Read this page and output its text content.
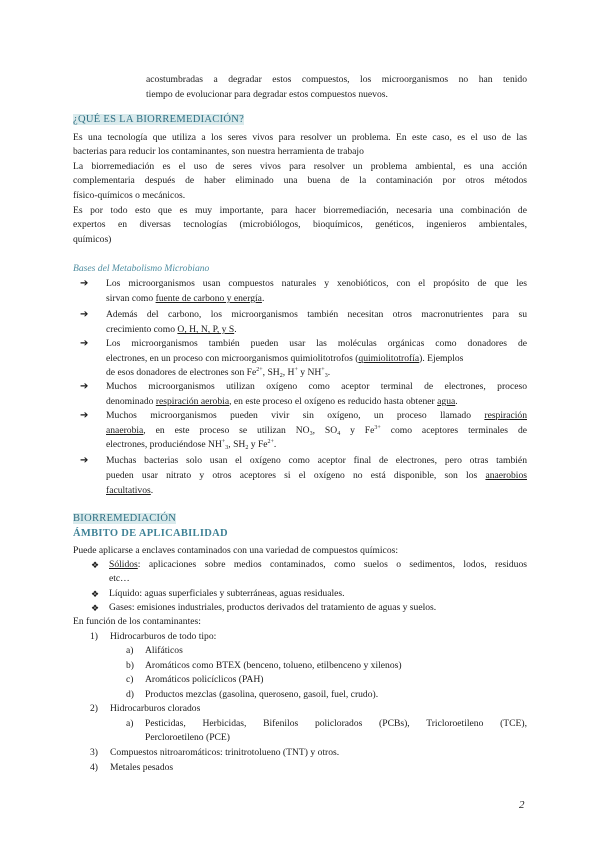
acostumbradas a degradar estos compuestos, los microorganismos no han tenido
tiempo de evolucionar para degradar estos compuestos nuevos.
¿QUÉ ES LA BIORREMEDIACIÓN?
Es una tecnología que utiliza a los seres vivos para resolver un problema. En este caso, es el uso de las
bacterias para reducir los contaminantes, son nuestra herramienta de trabajo
La biorremediación es el uso de seres vivos para resolver un problema ambiental, es una acción
complementaria después de haber eliminado una buena de la contaminación por otros métodos
físico-químicos o mecánicos.
Es por todo esto que es muy importante, para hacer biorremediación, necesaria una combinación de
expertos en diversas tecnologías (microbiólogos, bioquímicos, genéticos, ingenieros ambientales,
químicos)
Bases del Metabolismo Microbiano
➔ Los microorganismos usan compuestos naturales y xenobióticos, con el propósito de que les
sirvan como fuente de carbono y energía.
➔ Además del carbono, los microorganismos también necesitan otros macronutrientes para su
crecimiento como O, H, N, P, y S.
➔ Los microorganismos también pueden usar las moléculas orgánicas como donadores de
electrones, en un proceso con microorganismos quimiolitotrofos (quimiolitotrofía). Ejemplos
de esos donadores de electrones son $Fe^{2+}$, $SH_2$, H+ y $NH^+_3$.
➔ Muchos microorganismos utilizan oxígeno como aceptor terminal de electrones, proceso
denominado respiración aerobia, en este proceso el oxígeno es reducido hasta obtener agua.
➔ Muchos microorganismos pueden vivir sin oxígeno, un proceso llamado respiración
anaerobia, en este proceso se utilizan $NO_3$, $SO_4$ y $Fe^{3+}$ como aceptores terminales de
electrones, produciéndose $NH^+_3$, $SH_2$ y $Fe^{2+}$.
➔ Muchas bacterias solo usan el oxígeno como aceptor final de electrones, pero otras también
pueden usar nitrato y otros aceptores si el oxígeno no está disponible, son los anaerobios
facultativos.
BIORREMEDIACIÓN
ÁMBITO DE APLICABILIDAD
Puede aplicarse a enclaves contaminados con una variedad de compuestos químicos:
❖ Sólidos: aplicaciones sobre medios contaminados, como suelos o sedimentos, lodos, residuos
etc…
❖ Líquido: aguas superficiales y subterráneas, aguas residuales.
❖ Gases: emisiones industriales, productos derivados del tratamiento de aguas y suelos.
En función de los contaminantes:
1) Hidrocarburos de todo tipo:
a) Alifáticos
b) Aromáticos como BTEX (benceno, tolueno, etilbenceno y xilenos)
c) Aromáticos policíclicos (PAH)
d) Productos mezclas (gasolina, queroseno, gasoil, fuel, crudo).
2) Hidrocarburos clorados
a) Pesticidas, Herbicidas, Bifenilos policlorados (PCBs), Tricloroetileno (TCE),
Percloroetileno (PCE)
3) Compuestos nitroaromáticos: trinitrotolueno (TNT) y otros.
4) Metales pesados
2
